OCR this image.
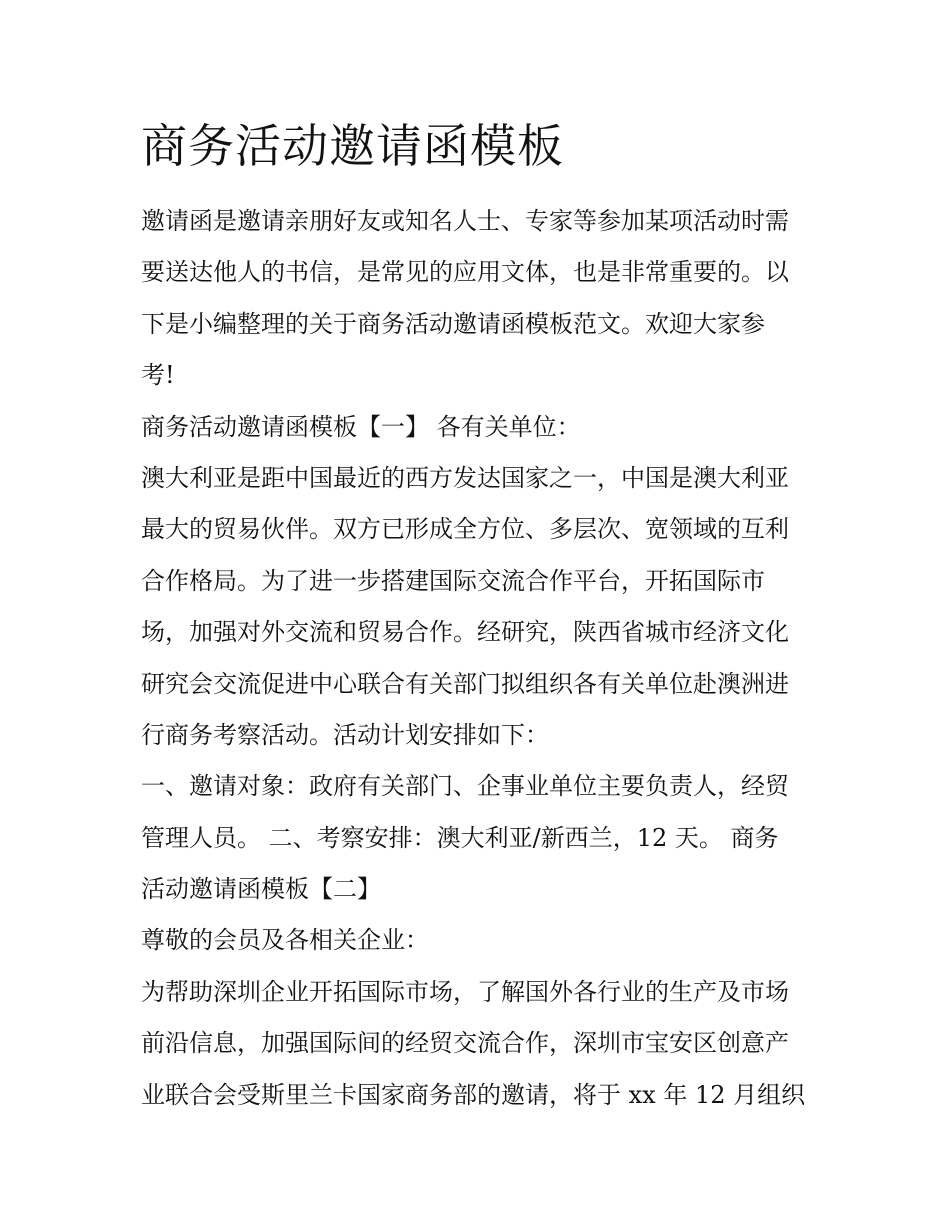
商务活动邀请函模板
邀请函是邀请亲朋好友或知名人士、专家等参加某项活动时需
要送达他人的书信，是常见的应用文体，也是非常重要的。以
下是小编整理的关于商务活动邀请函模板范文。欢迎大家参
考!
商务活动邀请函模板【一】 各有关单位：
澳大利亚是距中国最近的西方发达国家之一，中国是澳大利亚
最大的贸易伙伴。双方已形成全方位、多层次、宽领域的互利
合作格局。为了进一步搭建国际交流合作平台，开拓国际市
场，加强对外交流和贸易合作。经研究，陕西省城市经济文化
研究会交流促进中心联合有关部门拟组织各有关单位赴澳洲进
行商务考察活动。活动计划安排如下：
一、邀请对象：政府有关部门、企事业单位主要负责人，经贸
管理人员。 二、考察安排：澳大利亚/新西兰，12 天。 商务
活动邀请函模板【二】
尊敬的会员及各相关企业：
为帮助深圳企业开拓国际市场，了解国外各行业的生产及市场
前沿信息，加强国际间的经贸交流合作，深圳市宝安区创意产
业联合会受斯里兰卡国家商务部的邀请，将于 xx 年 12 月组织
